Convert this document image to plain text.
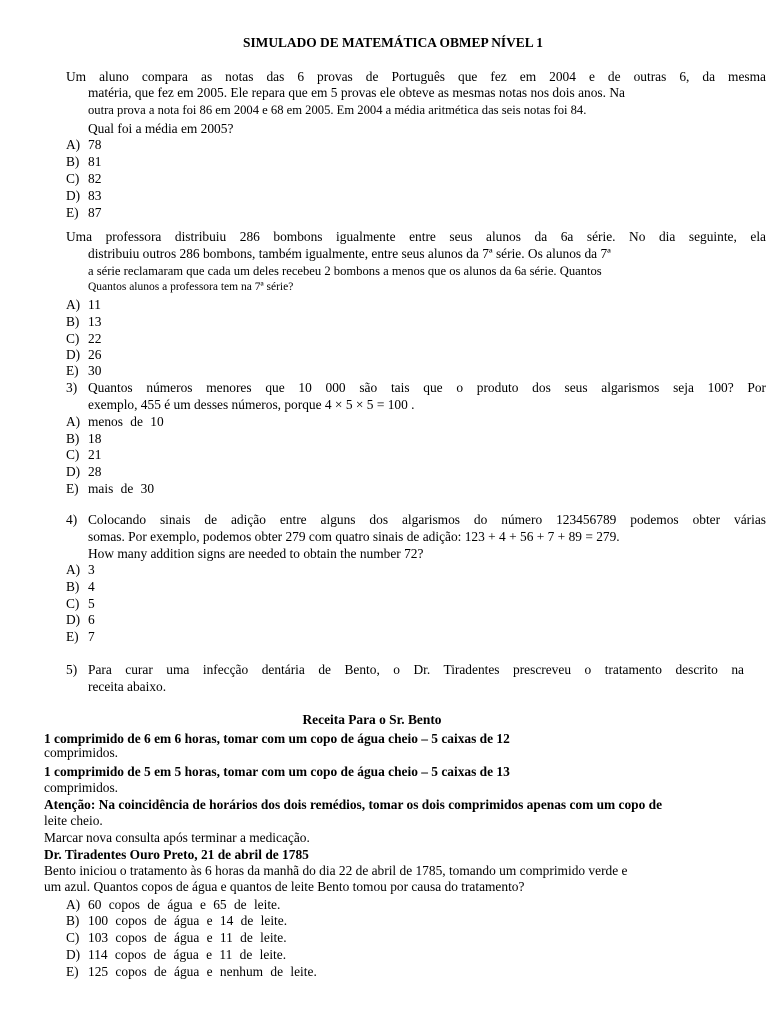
SIMULADO DE MATEMÁTICA OBMEP NÍVEL 1
Um aluno compara as notas das 6 provas de Português que fez em 2004 e de outras 6, da mesma
matéria, que fez em 2005. Ele repara que em 5 provas ele obteve as mesmas notas nos dois anos. Na
outra prova a nota foi 86 em 2004 e 68 em 2005. Em 2004 a média aritmética das seis notas foi 84.
Qual foi a média em 2005?
A) 78
B) 81
C) 82
D) 83
E) 87
Uma professora distribuiu 286 bombons igualmente entre seus alunos da 6a série. No dia seguinte, ela
distribuiu outros 286 bombons, também igualmente, entre seus alunos da 7ª série. Os alunos da 7ª
a série reclamaram que cada um deles recebeu 2 bombons a menos que os alunos da 6a série. Quantos
Quantos alunos a professora tem na 7ª série?
A) 11
B) 13
C) 22
D) 26
E) 30
3) Quantos números menores que 10 000 são tais que o produto dos seus algarismos seja 100? Por
exemplo, 455 é um desses números, porque 4 × 5 × 5 = 100 .
A) menos de 10
B) 18
C) 21
D) 28
E) mais de 30
4) Colocando sinais de adição entre alguns dos algarismos do número 123456789 podemos obter várias
somas. Por exemplo, podemos obter 279 com quatro sinais de adição: 123 + 4 + 56 + 7 + 89 = 279.
How many addition signs are needed to obtain the number 72?
A) 3
B) 4
C) 5
D) 6
E) 7
5) Para curar uma infecção dentária de Bento, o Dr. Tiradentes prescreveu o tratamento descrito na
receita abaixo.
Receita Para o Sr. Bento
1 comprimido de 6 em 6 horas, tomar com um copo de água cheio – 5 caixas de 12
comprimidos.
1 comprimido de 5 em 5 horas, tomar com um copo de água cheio – 5 caixas de 13
comprimidos.
Atenção: Na coincidência de horários dos dois remédios, tomar os dois comprimidos apenas com um copo de
leite cheio.
Marcar nova consulta após terminar a medicação.
Dr. Tiradentes Ouro Preto, 21 de abril de 1785
Bento iniciou o tratamento às 6 horas da manhã do dia 22 de abril de 1785, tomando um comprimido verde e
um azul. Quantos copos de água e quantos de leite Bento tomou por causa do tratamento?
A) 60 copos de água e 65 de leite.
B) 100 copos de água e 14 de leite.
C) 103 copos de água e 11 de leite.
D) 114 copos de água e 11 de leite.
E) 125 copos de água e nenhum de leite.
